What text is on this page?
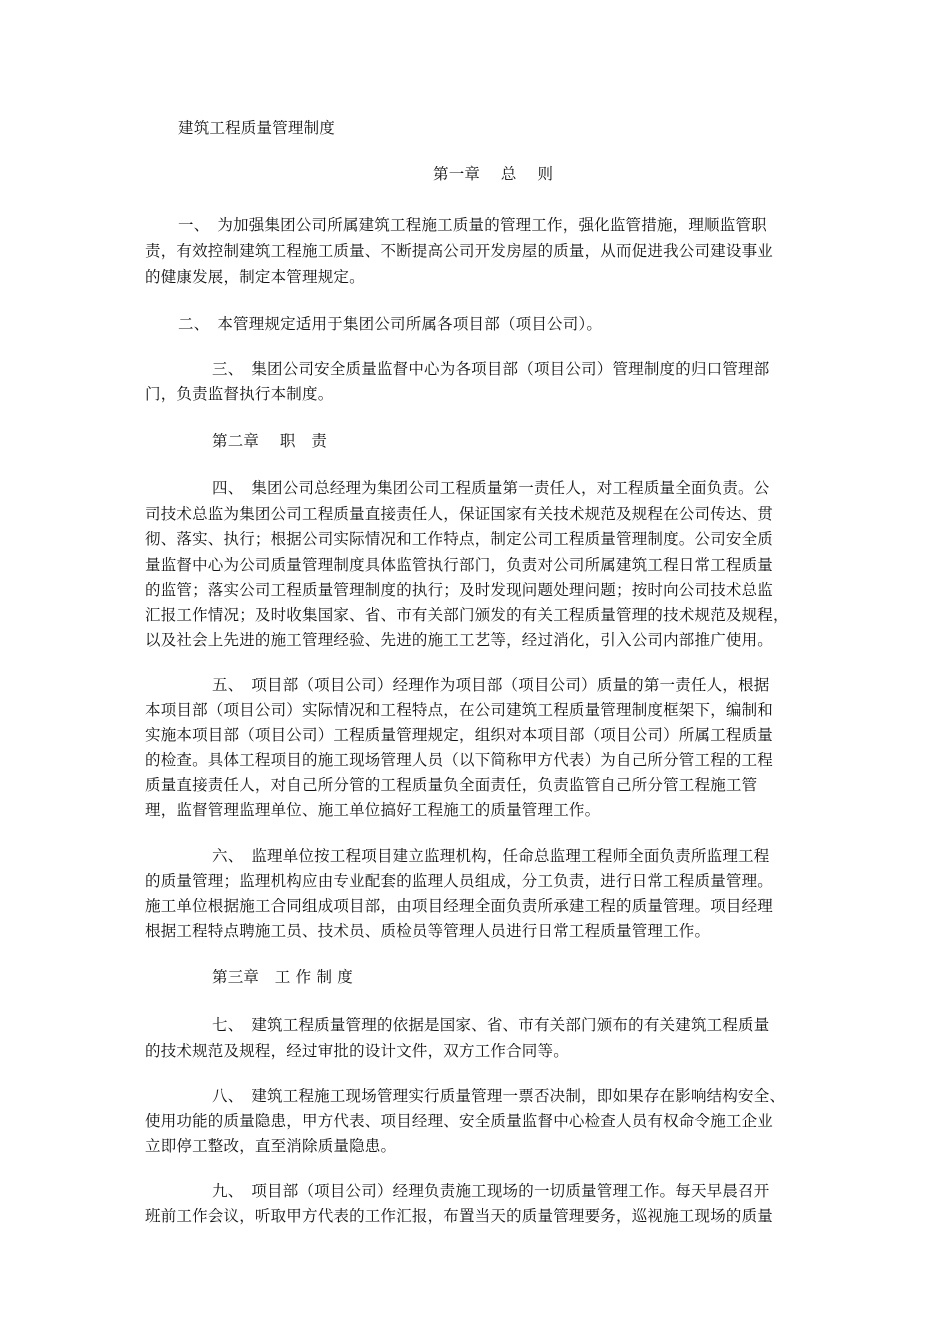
建筑工程质量管理制度
第一章　 总　 则
一、　为加强集团公司所属建筑工程施工质量的管理工作，强化监管措施，理顺监管职
责，有效控制建筑工程施工质量、不断提高公司开发房屋的质量，从而促进我公司建设事业
的健康发展，制定本管理规定。
二、　本管理规定适用于集团公司所属各项目部（项目公司）。
三、　集团公司安全质量监督中心为各项目部（项目公司）管理制度的归口管理部
门，负责监督执行本制度。
第二章　 职　责
四、　集团公司总经理为集团公司工程质量第一责任人，对工程质量全面负责。公
司技术总监为集团公司工程质量直接责任人，保证国家有关技术规范及规程在公司传达、贯
彻、落实、执行；根据公司实际情况和工作特点，制定公司工程质量管理制度。公司安全质
量监督中心为公司质量管理制度具体监管执行部门，负责对公司所属建筑工程日常工程质量
的监管；落实公司工程质量管理制度的执行；及时发现问题处理问题；按时向公司技术总监
汇报工作情况；及时收集国家、省、市有关部门颁发的有关工程质量管理的技术规范及规程，
以及社会上先进的施工管理经验、先进的施工工艺等，经过消化，引入公司内部推广使用。
五、　项目部（项目公司）经理作为项目部（项目公司）质量的第一责任人，根据
本项目部（项目公司）实际情况和工程特点，在公司建筑工程质量管理制度框架下，编制和
实施本项目部（项目公司）工程质量管理规定，组织对本项目部（项目公司）所属工程质量
的检查。具体工程项目的施工现场管理人员（以下简称甲方代表）为自己所分管工程的工程
质量直接责任人，对自己所分管的工程质量负全面责任，负责监管自己所分管工程施工管
理，监督管理监理单位、施工单位搞好工程施工的质量管理工作。
六、　监理单位按工程项目建立监理机构，任命总监理工程师全面负责所监理工程
的质量管理；监理机构应由专业配套的监理人员组成，分工负责，进行日常工程质量管理。
施工单位根据施工合同组成项目部，由项目经理全面负责所承建工程的质量管理。项目经理
根据工程特点聘施工员、技术员、质检员等管理人员进行日常工程质量管理工作。
第三章　工 作 制 度
七、　建筑工程质量管理的依据是国家、省、市有关部门颁布的有关建筑工程质量
的技术规范及规程，经过审批的设计文件，双方工作合同等。
八、　建筑工程施工现场管理实行质量管理一票否决制，即如果存在影响结构安全、
使用功能的质量隐患，甲方代表、项目经理、安全质量监督中心检查人员有权命令施工企业
立即停工整改，直至消除质量隐患。
九、　项目部（项目公司）经理负责施工现场的一切质量管理工作。每天早晨召开
班前工作会议，听取甲方代表的工作汇报，布置当天的质量管理要务，巡视施工现场的质量
